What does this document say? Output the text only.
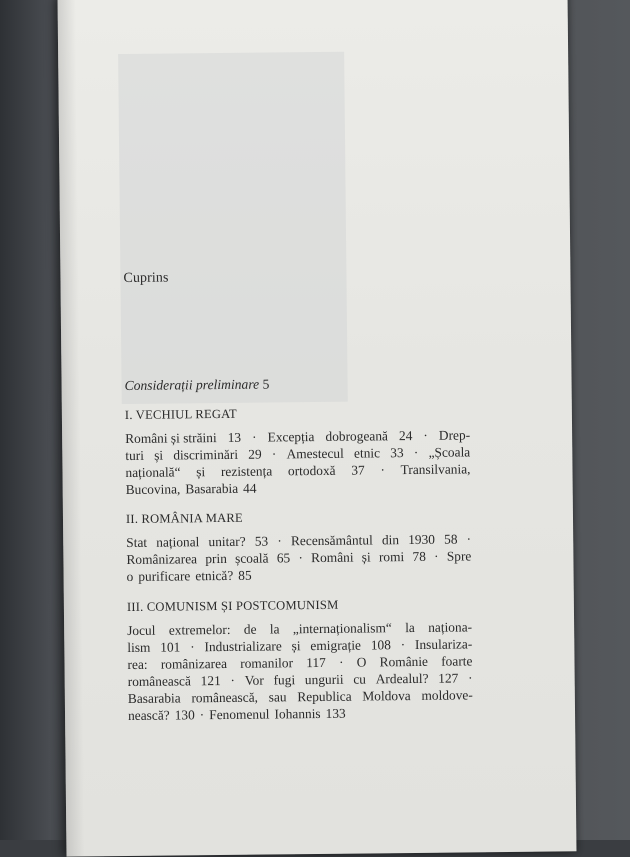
Cuprins
Considerații preliminare 5
I. VECHIUL REGAT
Români și străini 13 · Excepția dobrogeană 24 · Drep-
turi și discriminări 29 · Amestecul etnic 33 · „Școala
națională“ și rezistența ortodoxă 37 · Transilvania,
Bucovina, Basarabia 44
II. ROMÂNIA MARE
Stat național unitar? 53 · Recensământul din 1930 58 ·
Românizarea prin școală 65 · Români și romi 78 · Spre
o purificare etnică? 85
III. COMUNISM ȘI POSTCOMUNISM
Jocul extremelor: de la „internaționalism“ la naționa-
lism 101 · Industrializare și emigrație 108 · Insulariza-
rea: românizarea romanilor 117 · O Românie foarte
românească 121 · Vor fugi ungurii cu Ardealul? 127 ·
Basarabia românească, sau Republica Moldova moldove-
nească? 130 · Fenomenul Iohannis 133
